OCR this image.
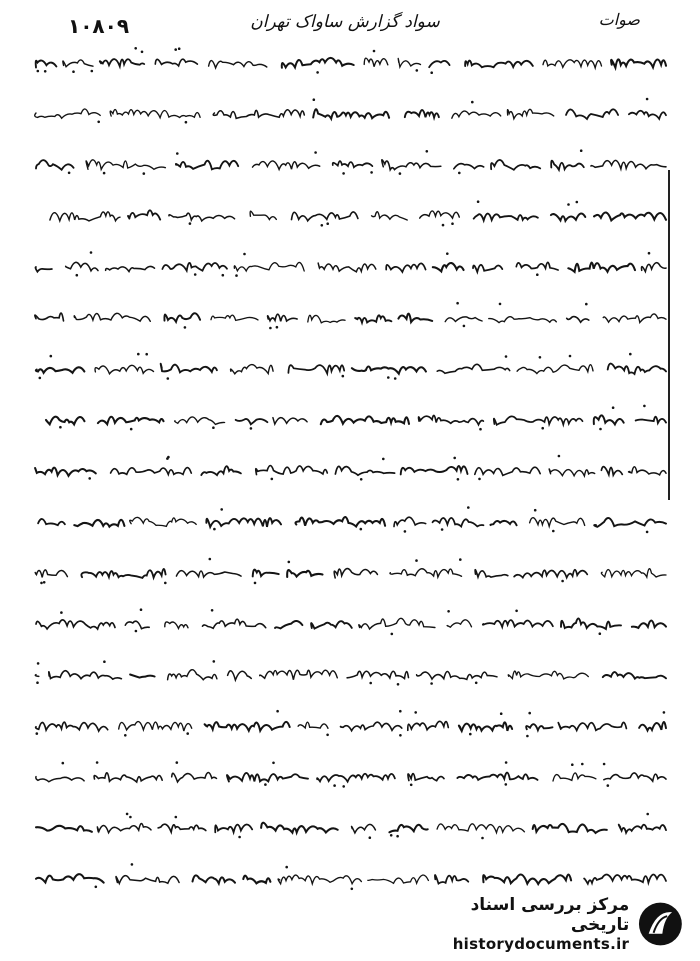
۱۰۸۰۹	سواد گزارش ساواک تهران	صوات
مرکز بررسی اسناد تاریخی
historydocuments.ir
